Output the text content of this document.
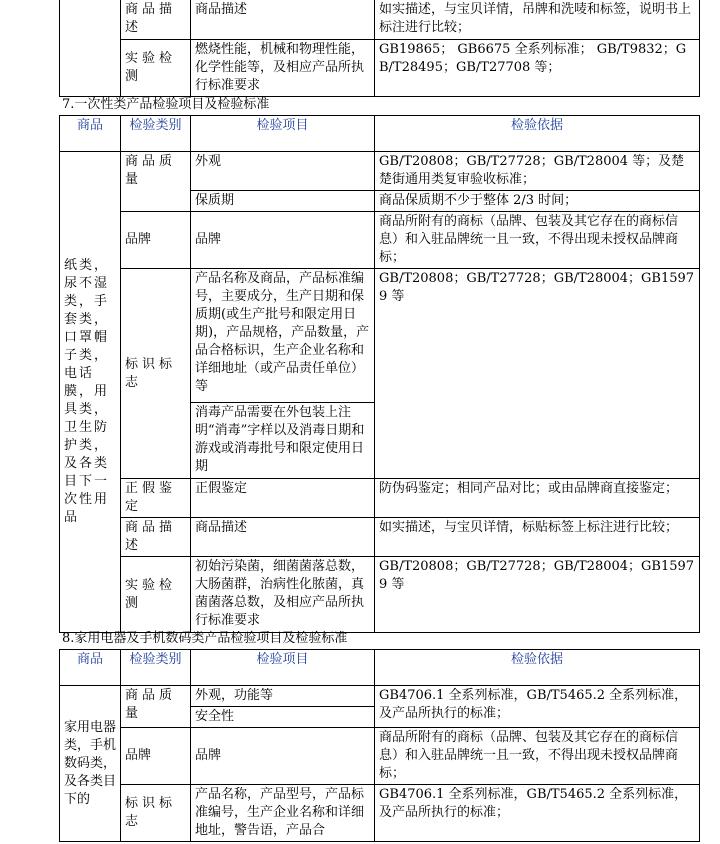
	商品描述	商品描述	如实描述，与宝贝详情，吊牌和洗唛和标签，说明书上标注进行比较；
	实验检测	燃烧性能，机械和物理性能，化学性能等，及相应产品所执行标准要求	GB19865； GB6675 全系列标准； GB/T9832；GB/T28495；GB/T27708 等；
7.一次性类产品检验项目及检验标准
商品	检验类别	检验项目	检验依据
纸类，尿不湿类，手套类，口罩帽子类，电话膜，用具类，卫生防护类，及各类目下一次性用品	商品质量	外观	GB/T20808；GB/T27728；GB/T28004 等；及楚楚街通用类复审验收标准；
		保质期	商品保质期不少于整体 2/3 时间；
	品牌	品牌	商品所附有的商标（品牌、包装及其它存在的商标信息）和入驻品牌统一且一致，不得出现未授权品牌商标；
	标识标志	产品名称及商品，产品标准编号，主要成分，生产日期和保质期(或生产批号和限定用日期)，产品规格，产品数量，产品合格标识，生产企业名称和详细地址（或产品责任单位）等	GB/T20808；GB/T27728；GB/T28004；GB15979 等
		消毒产品需要在外包装上注明“消毒”字样以及消毒日期和游戏或消毒批号和限定使用日期	
	正假鉴定	正假鉴定	防伪码鉴定；相同产品对比；或由品牌商直接鉴定；
	商品描述	商品描述	如实描述，与宝贝详情，标贴标签上标注进行比较；
	实验检测	初始污染菌，细菌菌落总数，大肠菌群，治病性化脓菌，真菌菌落总数，及相应产品所执行标准要求	GB/T20808；GB/T27728；GB/T28004；GB15979 等
8.家用电器及手机数码类产品检验项目及检验标准
商品	检验类别	检验项目	检验依据
家用电器类，手机数码类，及各类目下的	商品质量	外观，功能等	GB4706.1 全系列标准，GB/T5465.2 全系列标准，及产品所执行的标准；
		安全性	
	品牌	品牌	商品所附有的商标（品牌、包装及其它存在的商标信息）和入驻品牌统一且一致，不得出现未授权品牌商标；
	标识标志	产品名称，产品型号，产品标准编号，生产企业名称和详细地址，警告语，产品合	GB4706.1 全系列标准，GB/T5465.2 全系列标准，及产品所执行的标准；
